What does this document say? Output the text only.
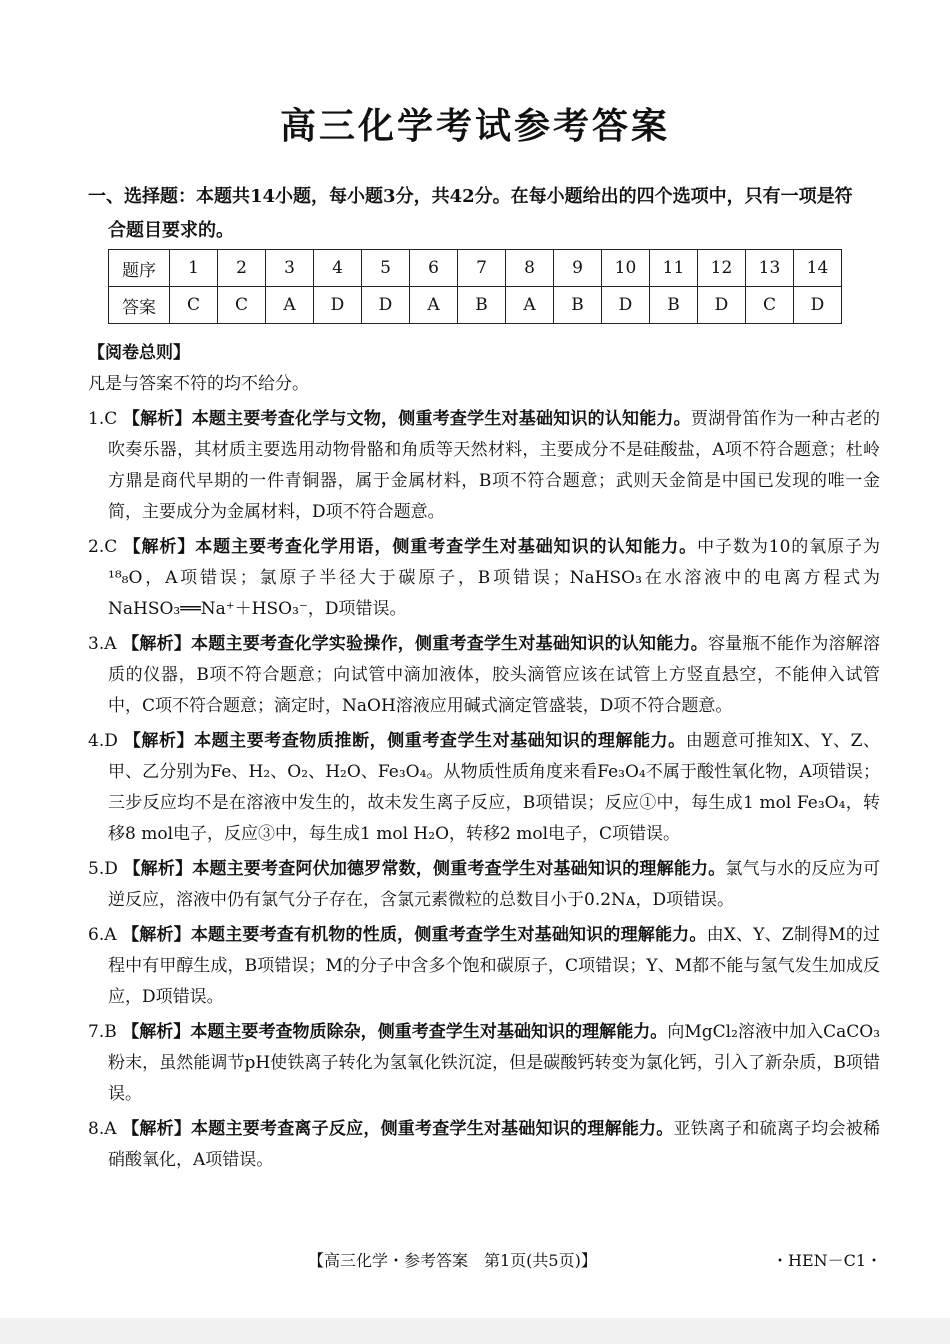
高三化学考试参考答案
一、选择题：本题共14小题，每小题3分，共42分。在每小题给出的四个选项中，只有一项是符
合题目要求的。
题序	1	2	3	4	5	6	7	8	9	10	11	12	13	14
答案	C	C	A	D	D	A	B	A	B	D	B	D	C	D

【阅卷总则】

凡是与答案不符的均不给分。

1.C 【解析】本题主要考查化学与文物，侧重考查学生对基础知识的认知能力。贾湖骨笛作为一种古老的吹奏乐器，其材质主要选用动物骨骼和角质等天然材料，主要成分不是硅酸盐，A项不符合题意；杜岭方鼎是商代早期的一件青铜器，属于金属材料，B项不符合题意；武则天金简是中国已发现的唯一金简，主要成分为金属材料，D项不符合题意。

2.C 【解析】本题主要考查化学用语，侧重考查学生对基础知识的认知能力。中子数为10的氧原子为¹⁸₈O，A项错误；氯原子半径大于碳原子，B项错误；NaHSO₃在水溶液中的电离方程式为NaHSO₃══Na⁺＋HSO₃⁻，D项错误。

3.A 【解析】本题主要考查化学实验操作，侧重考查学生对基础知识的认知能力。容量瓶不能作为溶解溶质的仪器，B项不符合题意；向试管中滴加液体，胶头滴管应该在试管上方竖直悬空，不能伸入试管中，C项不符合题意；滴定时，NaOH溶液应用碱式滴定管盛装，D项不符合题意。

4.D 【解析】本题主要考查物质推断，侧重考查学生对基础知识的理解能力。由题意可推知X、Y、Z、甲、乙分别为Fe、H₂、O₂、H₂O、Fe₃O₄。从物质性质角度来看Fe₃O₄不属于酸性氧化物，A项错误；三步反应均不是在溶液中发生的，故未发生离子反应，B项错误；反应①中，每生成1 mol Fe₃O₄，转移8 mol电子，反应③中，每生成1 mol H₂O，转移2 mol电子，C项错误。

5.D 【解析】本题主要考查阿伏加德罗常数，侧重考查学生对基础知识的理解能力。氯气与水的反应为可逆反应，溶液中仍有氯气分子存在，含氯元素微粒的总数目小于0.2Nᴀ，D项错误。

6.A 【解析】本题主要考查有机物的性质，侧重考查学生对基础知识的理解能力。由X、Y、Z制得M的过程中有甲醇生成，B项错误；M的分子中含多个饱和碳原子，C项错误；Y、M都不能与氢气发生加成反应，D项错误。

7.B 【解析】本题主要考查物质除杂，侧重考查学生对基础知识的理解能力。向MgCl₂溶液中加入CaCO₃粉末，虽然能调节pH使铁离子转化为氢氧化铁沉淀，但是碳酸钙转变为氯化钙，引入了新杂质，B项错误。

8.A 【解析】本题主要考查离子反应，侧重考查学生对基础知识的理解能力。亚铁离子和硫离子均会被稀硝酸氧化，A项错误。

【高三化学・参考答案　第1页(共5页)】	・HEN－C1・
